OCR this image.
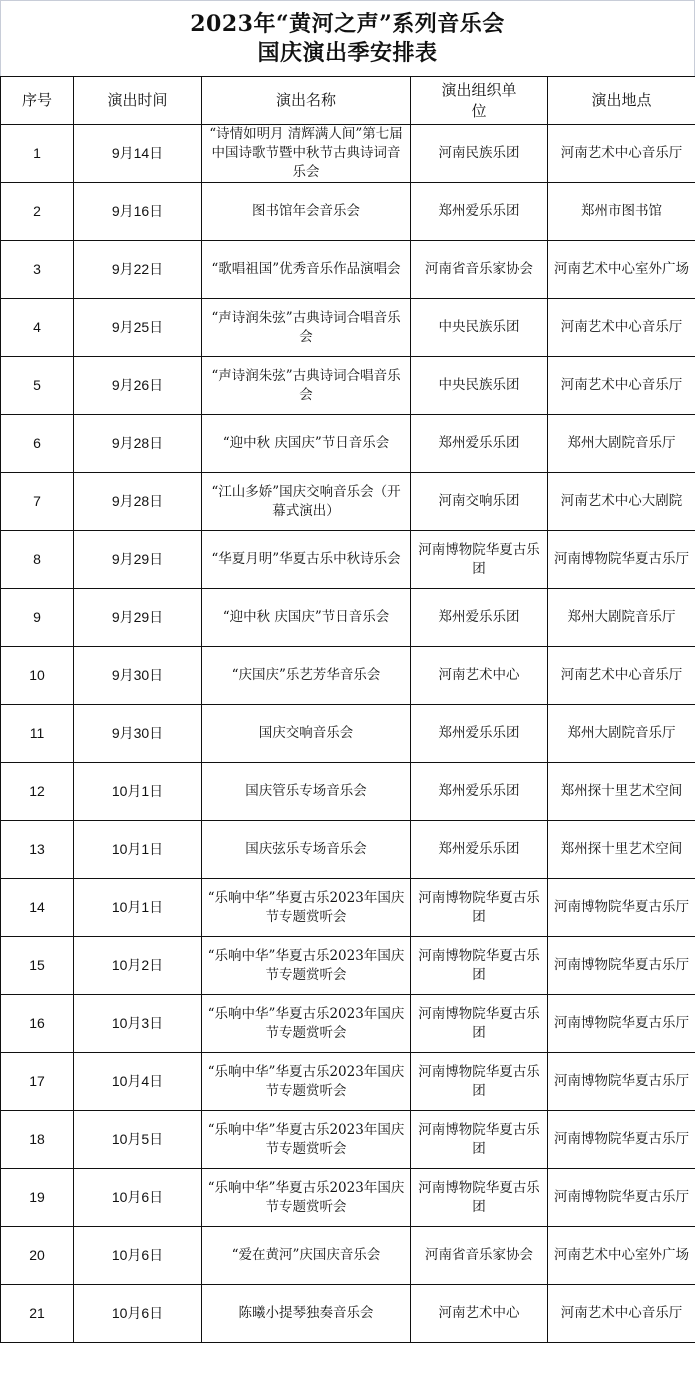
2023年“黄河之声”系列音乐会
国庆演出季安排表
序号	演出时间	演出名称	演出组织单位	演出地点
1	9月14日	“诗情如明月 清辉满人间”第七届中国诗歌节暨中秋节古典诗词音乐会	河南民族乐团	河南艺术中心音乐厅
2	9月16日	图书馆年会音乐会	郑州爱乐乐团	郑州市图书馆
3	9月22日	“歌唱祖国”优秀音乐作品演唱会	河南省音乐家协会	河南艺术中心室外广场
4	9月25日	“声诗润朱弦”古典诗词合唱音乐会	中央民族乐团	河南艺术中心音乐厅
5	9月26日	“声诗润朱弦”古典诗词合唱音乐会	中央民族乐团	河南艺术中心音乐厅
6	9月28日	“迎中秋 庆国庆”节日音乐会	郑州爱乐乐团	郑州大剧院音乐厅
7	9月28日	“江山多娇”国庆交响音乐会（开幕式演出）	河南交响乐团	河南艺术中心大剧院
8	9月29日	“华夏月明”华夏古乐中秋诗乐会	河南博物院华夏古乐团	河南博物院华夏古乐厅
9	9月29日	“迎中秋 庆国庆”节日音乐会	郑州爱乐乐团	郑州大剧院音乐厅
10	9月30日	“庆国庆”乐艺芳华音乐会	河南艺术中心	河南艺术中心音乐厅
11	9月30日	国庆交响音乐会	郑州爱乐乐团	郑州大剧院音乐厅
12	10月1日	国庆管乐专场音乐会	郑州爱乐乐团	郑州探十里艺术空间
13	10月1日	国庆弦乐专场音乐会	郑州爱乐乐团	郑州探十里艺术空间
14	10月1日	“乐响中华”华夏古乐2023年国庆节专题赏听会	河南博物院华夏古乐团	河南博物院华夏古乐厅
15	10月2日	“乐响中华”华夏古乐2023年国庆节专题赏听会	河南博物院华夏古乐团	河南博物院华夏古乐厅
16	10月3日	“乐响中华”华夏古乐2023年国庆节专题赏听会	河南博物院华夏古乐团	河南博物院华夏古乐厅
17	10月4日	“乐响中华”华夏古乐2023年国庆节专题赏听会	河南博物院华夏古乐团	河南博物院华夏古乐厅
18	10月5日	“乐响中华”华夏古乐2023年国庆节专题赏听会	河南博物院华夏古乐团	河南博物院华夏古乐厅
19	10月6日	“乐响中华”华夏古乐2023年国庆节专题赏听会	河南博物院华夏古乐团	河南博物院华夏古乐厅
20	10月6日	“爱在黄河”庆国庆音乐会	河南省音乐家协会	河南艺术中心室外广场
21	10月6日	陈曦小提琴独奏音乐会	河南艺术中心	河南艺术中心音乐厅
